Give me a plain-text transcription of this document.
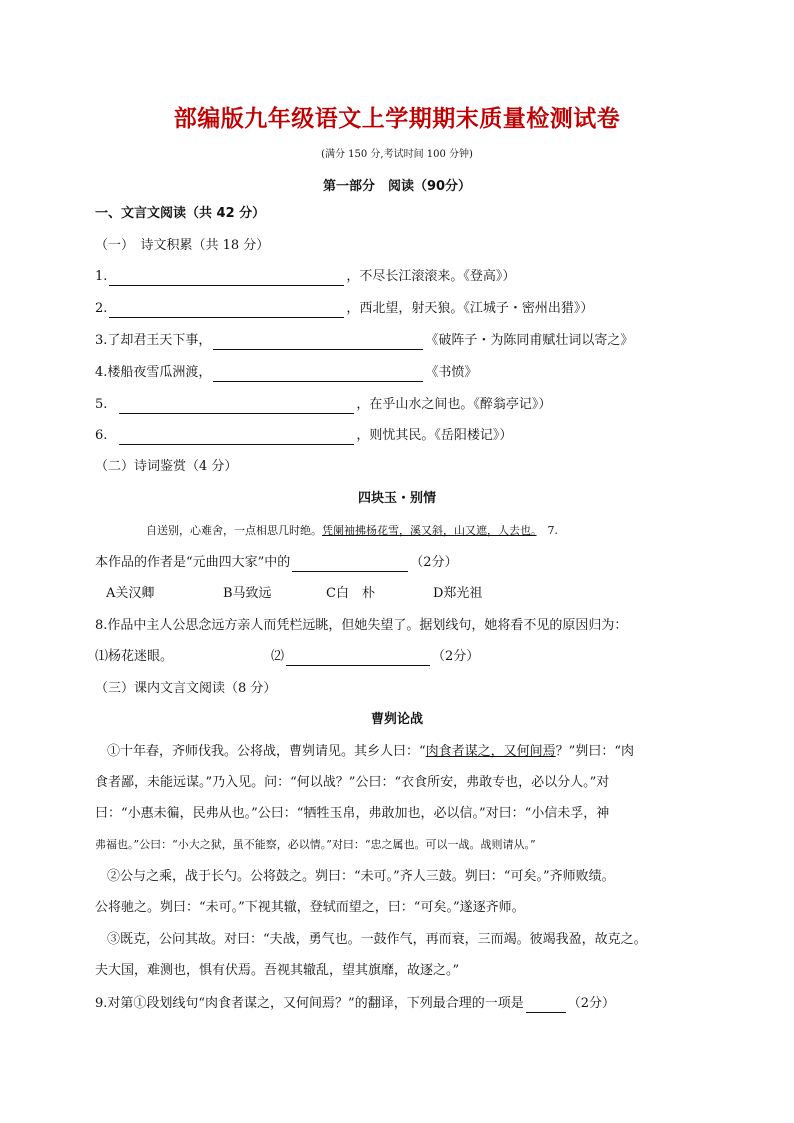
部编版九年级语文上学期期末质量检测试卷
(满分 150 分,考试时间 100 分钟)
第一部分　阅读（90分）
一、文言文阅读（共 42 分）
（一）　诗文积累（共 18 分）
1.	，不尽长江滚滚来。《登高》）
2.	，西北望，射天狼。《江城子・密州出猎》）
3.了却君王天下事，	《破阵子・为陈同甫赋壮词以寄之》
4.楼船夜雪瓜洲渡，	《书愤》
5.	，在乎山水之间也。《醉翁亭记》）
6.	，则忧其民。《岳阳楼记》）
（二）诗词鉴赏（4 分）
四块玉・别情
自送别，心难舍，一点相思几时绝。凭阑袖拂杨花雪，溪又斜，山又遮，人去也。　7.
本作品的作者是“元曲四大家”中的	（2分）
A关汉卿	B马致远	C白　朴	D郑光祖
8.作品中主人公思念远方亲人而凭栏远眺，但她失望了。据划线句，她将看不见的原因归为：
⑴杨花迷眼。	⑵	（2分）
（三）课内文言文阅读（8 分）
曹刿论战
①十年春，齐师伐我。公将战，曹刿请见。其乡人曰：“肉食者谋之，又何间焉？”刿曰：“肉
食者鄙，未能远谋。”乃入见。问：“何以战？”公曰：“衣食所安，弗敢专也，必以分人。”对
曰：“小惠未徧，民弗从也。”公曰：“牺牲玉帛，弗敢加也，必以信。”对曰：“小信未孚，神
弗福也。”公曰：“小大之狱，虽不能察，必以情。”对曰：“忠之属也。可以一战。战则请从。”
②公与之乘，战于长勺。公将鼓之。刿曰：“未可。”齐人三鼓。刿曰：“可矣。”齐师败绩。
公将驰之。刿曰：“未可。”下视其辙，登轼而望之，曰：“可矣。”遂逐齐师。
③既克，公问其故。对曰：“夫战，勇气也。一鼓作气，再而衰，三而竭。彼竭我盈，故克之。
夫大国，难测也，惧有伏焉。吾视其辙乱，望其旗靡，故逐之。”
9.对第①段划线句“肉食者谋之，又何间焉？”的翻译，下列最合理的一项是	（2分）
